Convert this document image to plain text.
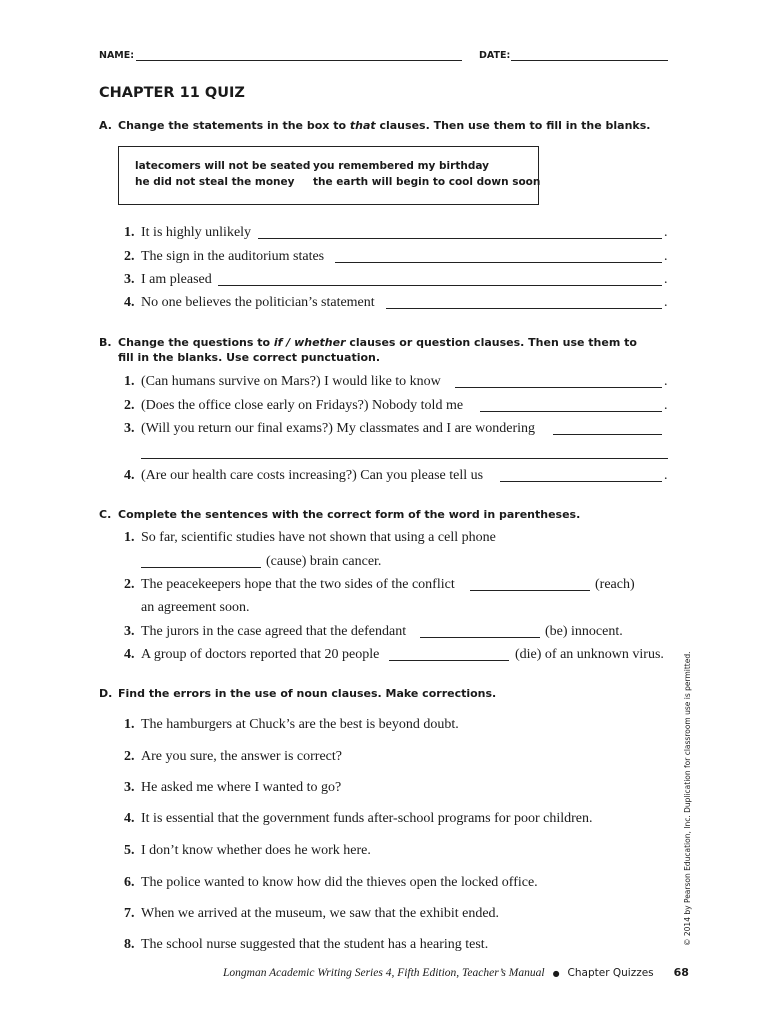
NAME:	DATE:
CHAPTER 11 QUIZ
A. Change the statements in the box to that clauses. Then use them to fill in the blanks.
latecomers will not be seated
he did not steal the money
you remembered my birthday
the earth will begin to cool down soon
1. It is highly unlikely	.
2. The sign in the auditorium states	.
3. I am pleased	.
4. No one believes the politician’s statement	.
B. Change the questions to if / whether clauses or question clauses. Then use them to
fill in the blanks. Use correct punctuation.
1. (Can humans survive on Mars?) I would like to know	.
2. (Does the office close early on Fridays?) Nobody told me	.
3. (Will you return our final exams?) My classmates and I are wondering
4. (Are our health care costs increasing?) Can you please tell us	.
C. Complete the sentences with the correct form of the word in parentheses.
1. So far, scientific studies have not shown that using a cell phone
(cause) brain cancer.
2. The peacekeepers hope that the two sides of the conflict	(reach)
an agreement soon.
3. The jurors in the case agreed that the defendant	(be) innocent.
4. A group of doctors reported that 20 people	(die) of an unknown virus.
D. Find the errors in the use of noun clauses. Make corrections.
1. The hamburgers at Chuck’s are the best is beyond doubt.
2. Are you sure, the answer is correct?
3. He asked me where I wanted to go?
4. It is essential that the government funds after-school programs for poor children.
5. I don’t know whether does he work here.
6. The police wanted to know how did the thieves open the locked office.
7. When we arrived at the museum, we saw that the exhibit ended.
8. The school nurse suggested that the student has a hearing test.
Longman Academic Writing Series 4, Fifth Edition, Teacher’s Manual ● Chapter Quizzes 68
© 2014 by Pearson Education, Inc. Duplication for classroom use is permitted.
